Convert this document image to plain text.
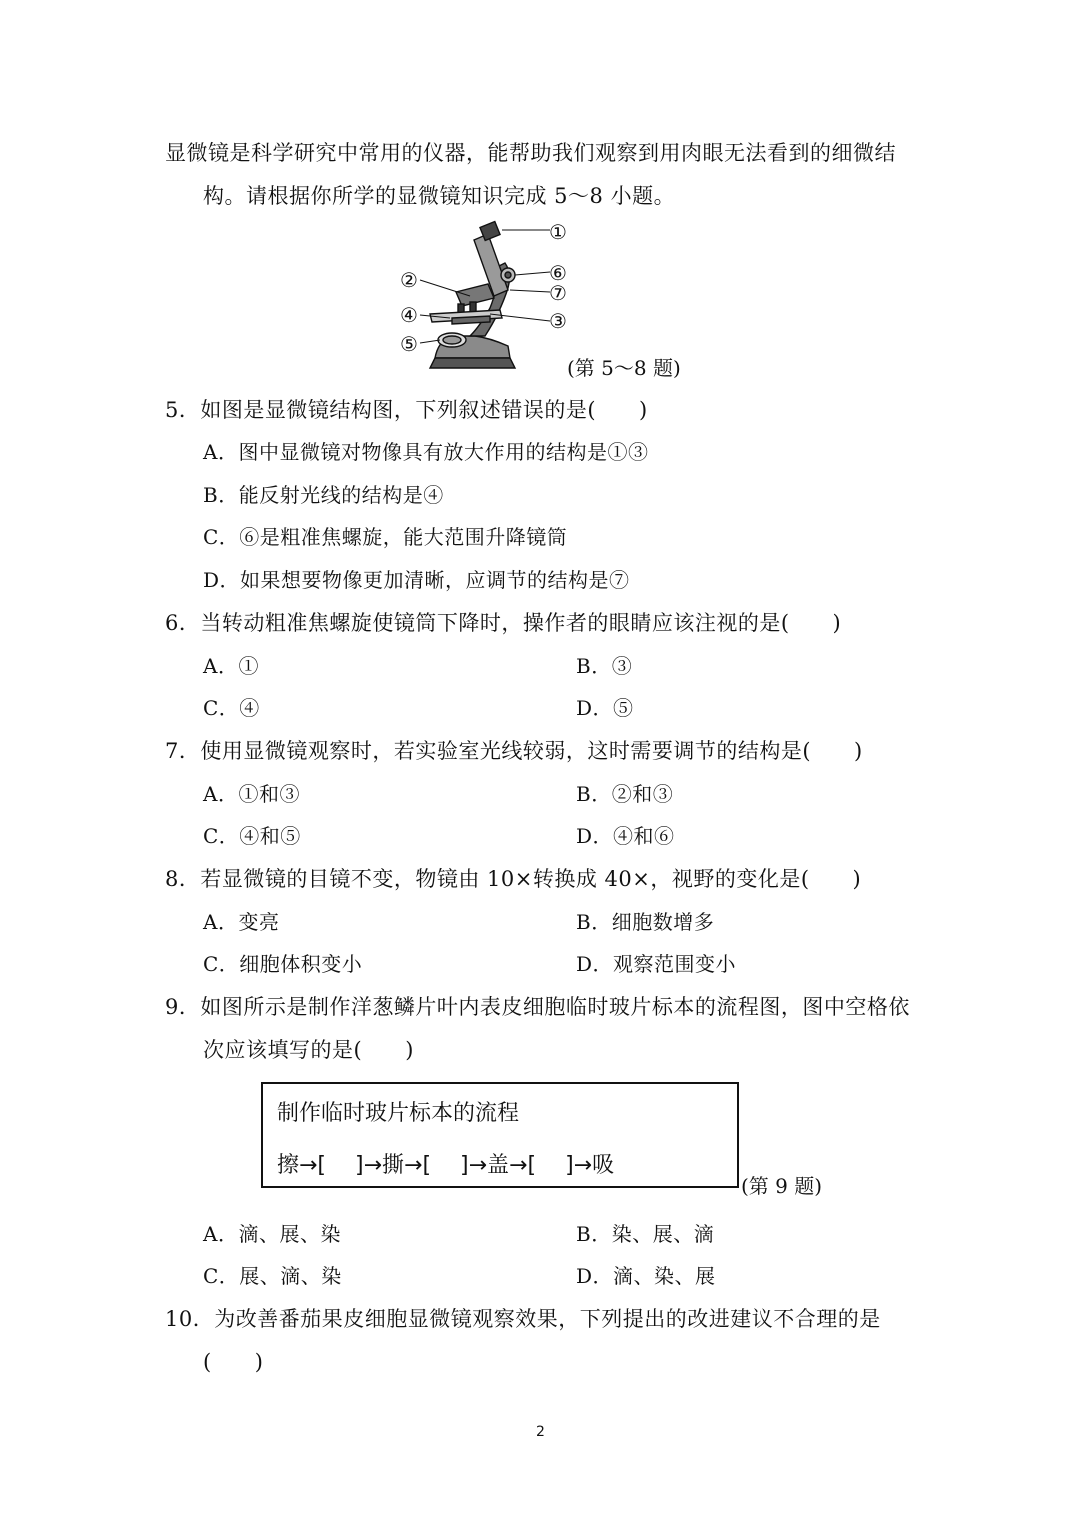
显微镜是科学研究中常用的仪器，能帮助我们观察到用肉眼无法看到的细微结
构。请根据你所学的显微镜知识完成 5～8 小题。
①
②
③
④
⑤
⑥
⑦
(第 5～8 题)
5．如图是显微镜结构图，下列叙述错误的是(　　)
A．图中显微镜对物像具有放大作用的结构是①③
B．能反射光线的结构是④
C．⑥是粗准焦螺旋，能大范围升降镜筒
D．如果想要物像更加清晰，应调节的结构是⑦
6．当转动粗准焦螺旋使镜筒下降时，操作者的眼睛应该注视的是(　　)
A．①	B．③
C．④	D．⑤
7．使用显微镜观察时，若实验室光线较弱，这时需要调节的结构是(　　)
A．①和③	B．②和③
C．④和⑤	D．④和⑥
8．若显微镜的目镜不变，物镜由 10×转换成 40×，视野的变化是(　　)
A．变亮	B．细胞数增多
C．细胞体积变小	D．观察范围变小
9．如图所示是制作洋葱鳞片叶内表皮细胞临时玻片标本的流程图，图中空格依
次应该填写的是(　　)
制作临时玻片标本的流程
擦→[　 ]→撕→[　 ]→盖→[　 ]→吸
(第 9 题)
A．滴、展、染	B．染、展、滴
C．展、滴、染	D．滴、染、展
10．为改善番茄果皮细胞显微镜观察效果，下列提出的改进建议不合理的是
(　　)
2
